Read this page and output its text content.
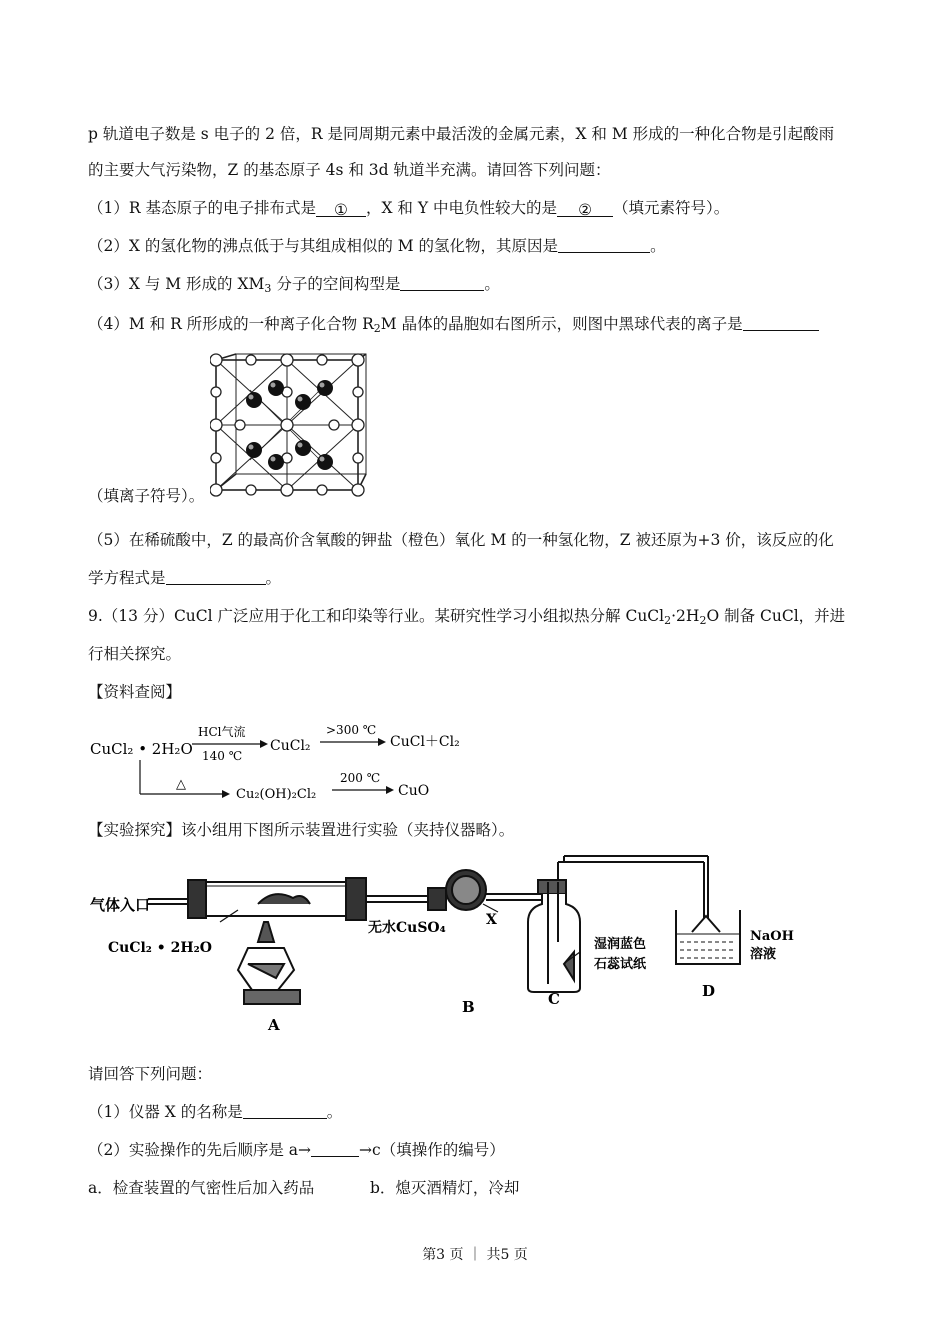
p 轨道电子数是 s 电子的 2 倍，R 是同周期元素中最活泼的金属元素，X 和 M 形成的一种化合物是引起酸雨
的主要大气污染物，Z 的基态原子 4s 和 3d 轨道半充满。请回答下列问题：
（1）R 基态原子的电子排布式是 ① ，X 和 Y 中电负性较大的是 ② （填元素符号）。
（2）X 的氢化物的沸点低于与其组成相似的 M 的氢化物，其原因是	。
（3）X 与 M 形成的 $XM_3$ 分子的空间构型是	。
（4）M 和 R 所形成的一种离子化合物 $R_2M$ 晶体的晶胞如右图所示，则图中黑球代表的离子是
（填离子符号）。
（5）在稀硫酸中，Z 的最高价含氧酸的钾盐（橙色）氧化 M 的一种氢化物，Z 被还原为+3 价，该反应的化
学方程式是	。
9.（13 分）CuCl 广泛应用于化工和印染等行业。某研究性学习小组拟热分解 $CuCl_2\cdot 2H_2O$ 制备 CuCl，并进
行相关探究。
【资料查阅】
CuCl₂ • 2H₂O
HCl气流
140 ℃
CuCl₂
>300 ℃
CuCl＋Cl₂
△
Cu₂(OH)₂Cl₂
200 ℃
CuO
【实验探究】该小组用下图所示装置进行实验（夹持仪器略）。
气体入口
CuCl₂ • 2H₂O
无水CuSO₄	X
湿润蓝色
石蕊试纸
NaOH
溶液
A
B	C	D
请回答下列问题：
（1）仪器 X 的名称是	。
（2）实验操作的先后顺序是 a→	→c（填操作的编号）
a．检查装置的气密性后加入药品	b．熄灭酒精灯，冷却
第3 页 ｜ 共5 页
